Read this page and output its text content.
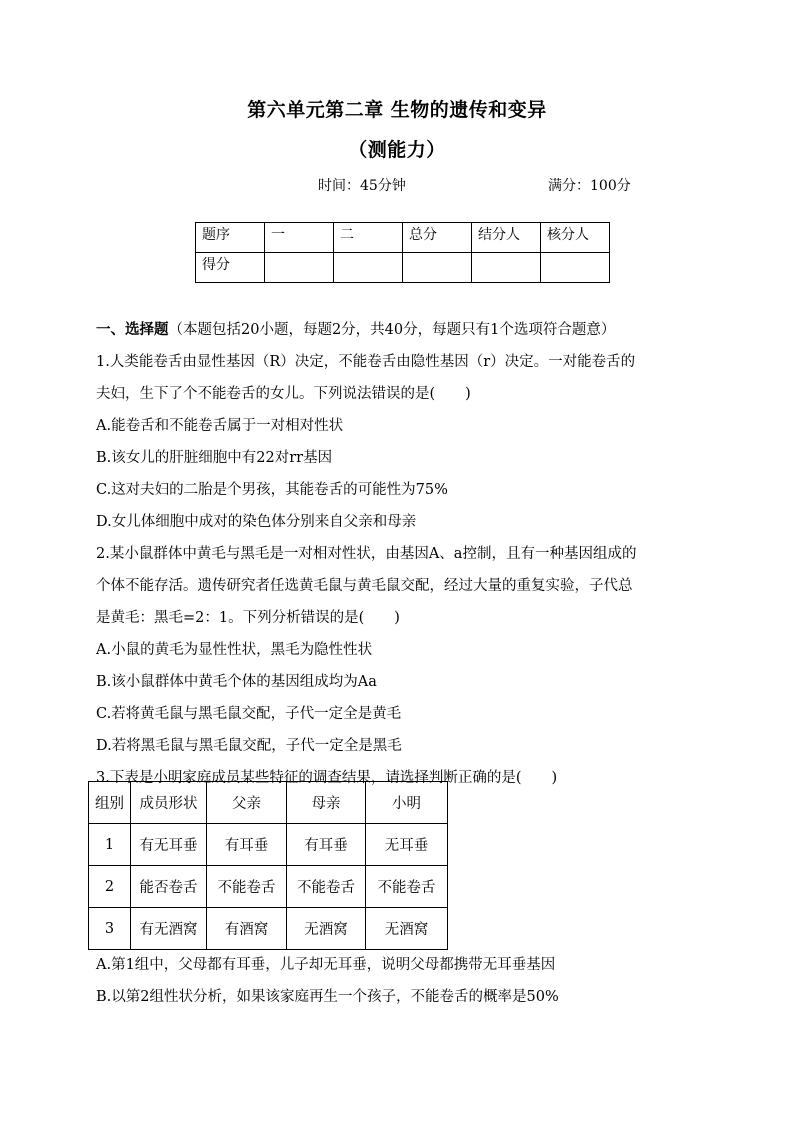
第六单元第二章 生物的遗传和变异
（测能力）
时间：45分钟	满分：100分
题序	一	二	总分	结分人	核分人
得分					
一、选择题（本题包括20小题，每题2分，共40分，每题只有1个选项符合题意）
1.人类能卷舌由显性基因（R）决定，不能卷舌由隐性基因（r）决定。一对能卷舌的
夫妇，生下了个不能卷舌的女儿。下列说法错误的是( )
A.能卷舌和不能卷舌属于一对相对性状
B.该女儿的肝脏细胞中有22对rr基因
C.这对夫妇的二胎是个男孩，其能卷舌的可能性为75%
D.女儿体细胞中成对的染色体分别来自父亲和母亲
2.某小鼠群体中黄毛与黑毛是一对相对性状，由基因A、a控制，且有一种基因组成的
个体不能存活。遗传研究者任选黄毛鼠与黄毛鼠交配，经过大量的重复实验，子代总
是黄毛：黑毛=2：1。下列分析错误的是( )
A.小鼠的黄毛为显性性状，黑毛为隐性性状
B.该小鼠群体中黄毛个体的基因组成均为Aa
C.若将黄毛鼠与黑毛鼠交配，子代一定全是黄毛
D.若将黑毛鼠与黑毛鼠交配，子代一定全是黑毛
3.下表是小明家庭成员某些特征的调查结果，请选择判断正确的是( )
组别	成员形状	父亲	母亲	小明
1	有无耳垂	有耳垂	有耳垂	无耳垂
2	能否卷舌	不能卷舌	不能卷舌	不能卷舌
3	有无酒窝	有酒窝	无酒窝	无酒窝
A.第1组中，父母都有耳垂，儿子却无耳垂，说明父母都携带无耳垂基因
B.以第2组性状分析，如果该家庭再生一个孩子，不能卷舌的概率是50%
